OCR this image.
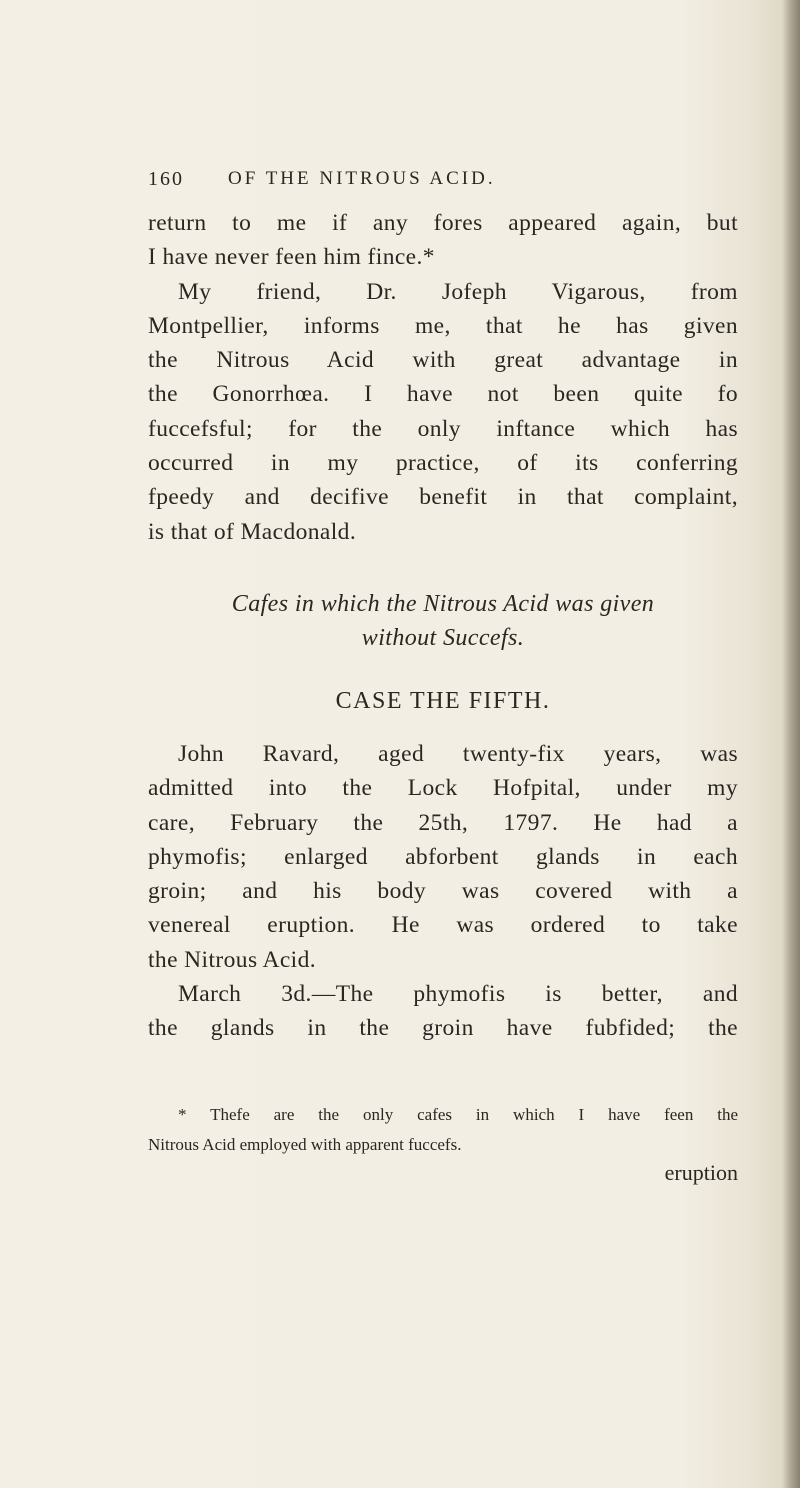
160 OF THE NITROUS ACID.
return to me if any fores appeared again, but
I have never feen him fince.*
My friend, Dr. Jofeph Vigarous, from
Montpellier, informs me, that he has given
the Nitrous Acid with great advantage in
the Gonorrhœa. I have not been quite fo
fuccefsful; for the only inftance which has
occurred in my practice, of its conferring
fpeedy and decifive benefit in that complaint,
is that of Macdonald.
Cafes in which the Nitrous Acid was given
without Succefs.
CASE THE FIFTH.
John Ravard, aged twenty-fix years, was
admitted into the Lock Hofpital, under my
care, February the 25th, 1797. He had a
phymofis; enlarged abforbent glands in each
groin; and his body was covered with a
venereal eruption. He was ordered to take
the Nitrous Acid.
March 3d.—The phymofis is better, and
the glands in the groin have fubfided; the
* Thefe are the only cafes in which I have feen the
Nitrous Acid employed with apparent fuccefs.
eruption
